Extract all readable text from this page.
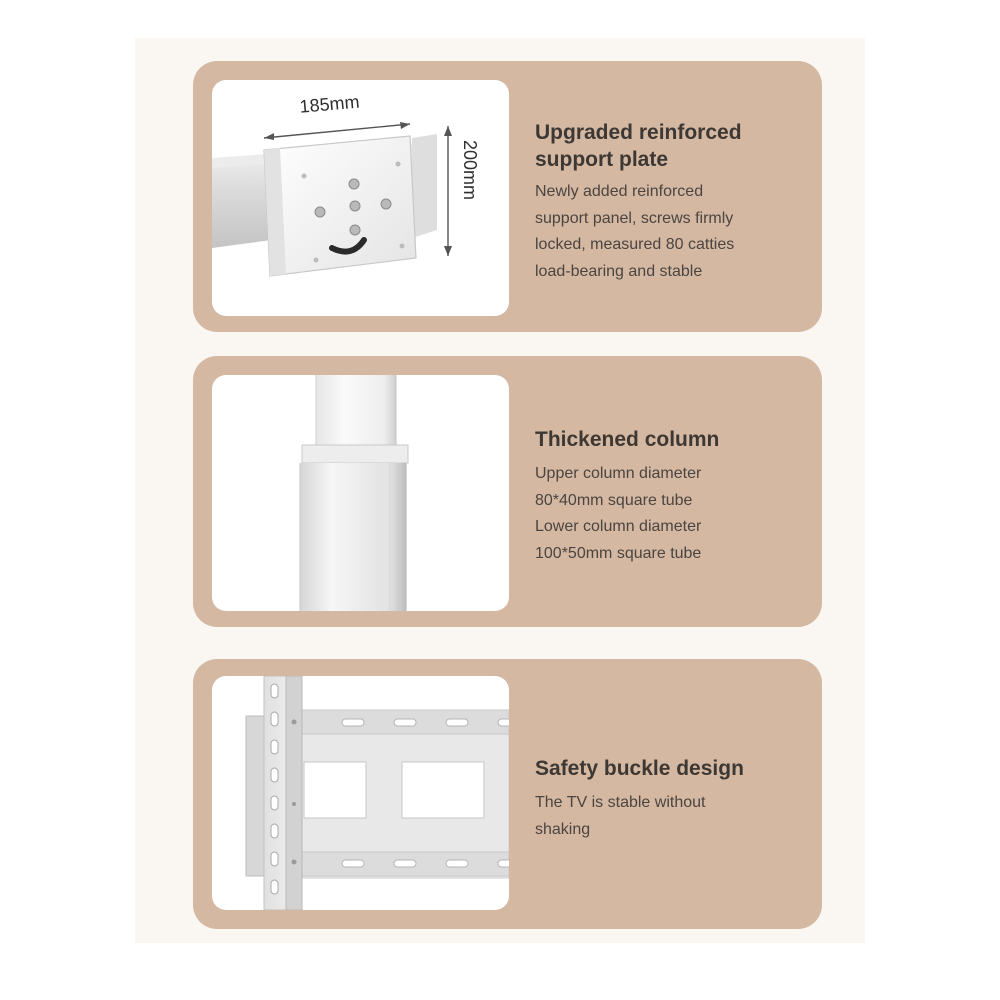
185mm
200mm
Upgraded reinforced
support plate

Newly added reinforced
support panel, screws firmly
locked, measured 80 catties
load-bearing and stable

Thickened column

Upper column diameter
80*40mm square tube
Lower column diameter
100*50mm square tube

Safety buckle design

The TV is stable without
shaking
